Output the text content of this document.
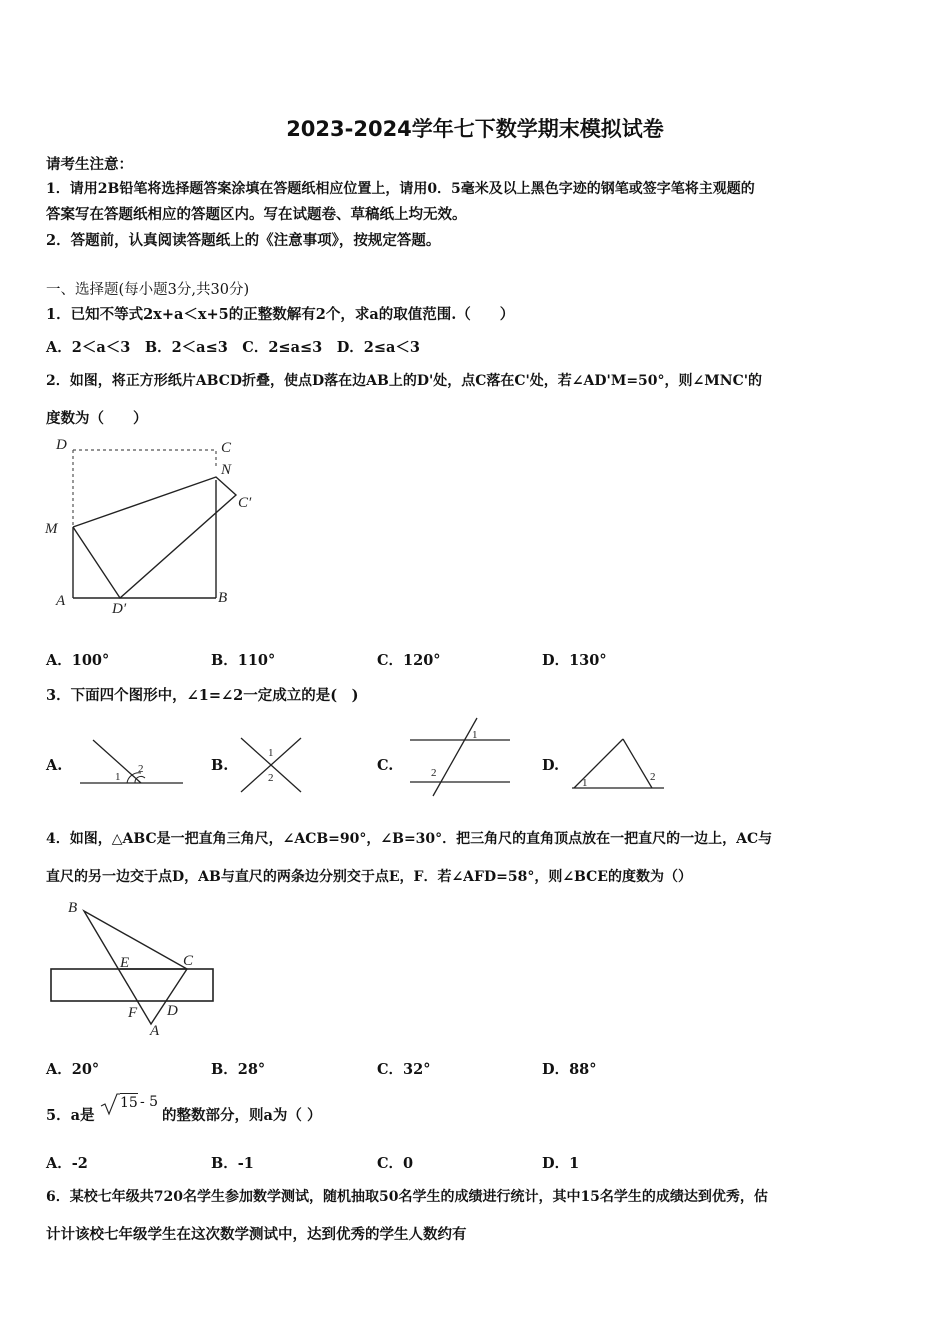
2023-2024学年七下数学期末模拟试卷
请考生注意：
1．请用2B铅笔将选择题答案涂填在答题纸相应位置上，请用0．5毫米及以上黑色字迹的钢笔或签字笔将主观题的
答案写在答题纸相应的答题区内。写在试题卷、草稿纸上均无效。
2．答题前，认真阅读答题纸上的《注意事项》，按规定答题。
一、选择题(每小题3分,共30分)
1．已知不等式2x+a＜x+5的正整数解有2个，求a的取值范围.（　　）
A．2＜a＜3　B．2＜a≤3　C．2≤a≤3　D．2≤a＜3
2．如图，将正方形纸片ABCD折叠，使点D落在边AB上的D'处，点C落在C'处，若∠AD'M=50°，则∠MNC'的
度数为（　　）
D	C
N
C′
M
A	D′
B
A．100°	B．110°	C．120°	D．130°
3．下面四个图形中，∠1=∠2一定成立的是(　)
A.
1
2	B.
1
2
C.
1
2	D.
1	2
4．如图，△ABC是一把直角三角尺，∠ACB=90°，∠B=30°．把三角尺的直角顶点放在一把直尺的一边上，AC与
直尺的另一边交于点D，AB与直尺的两条边分别交于点E，F．若∠AFD=58°，则∠BCE的度数为（）
B
E	C
F D
A
A．20°	B．28°	C．32°	D．88°
5．a是
15 - 5
的整数部分，则a为（ ）
A．-2	B．-1	C．0	D．1
6．某校七年级共720名学生参加数学测试，随机抽取50名学生的成绩进行统计，其中15名学生的成绩达到优秀，估
计计该校七年级学生在这次数学测试中，达到优秀的学生人数约有
